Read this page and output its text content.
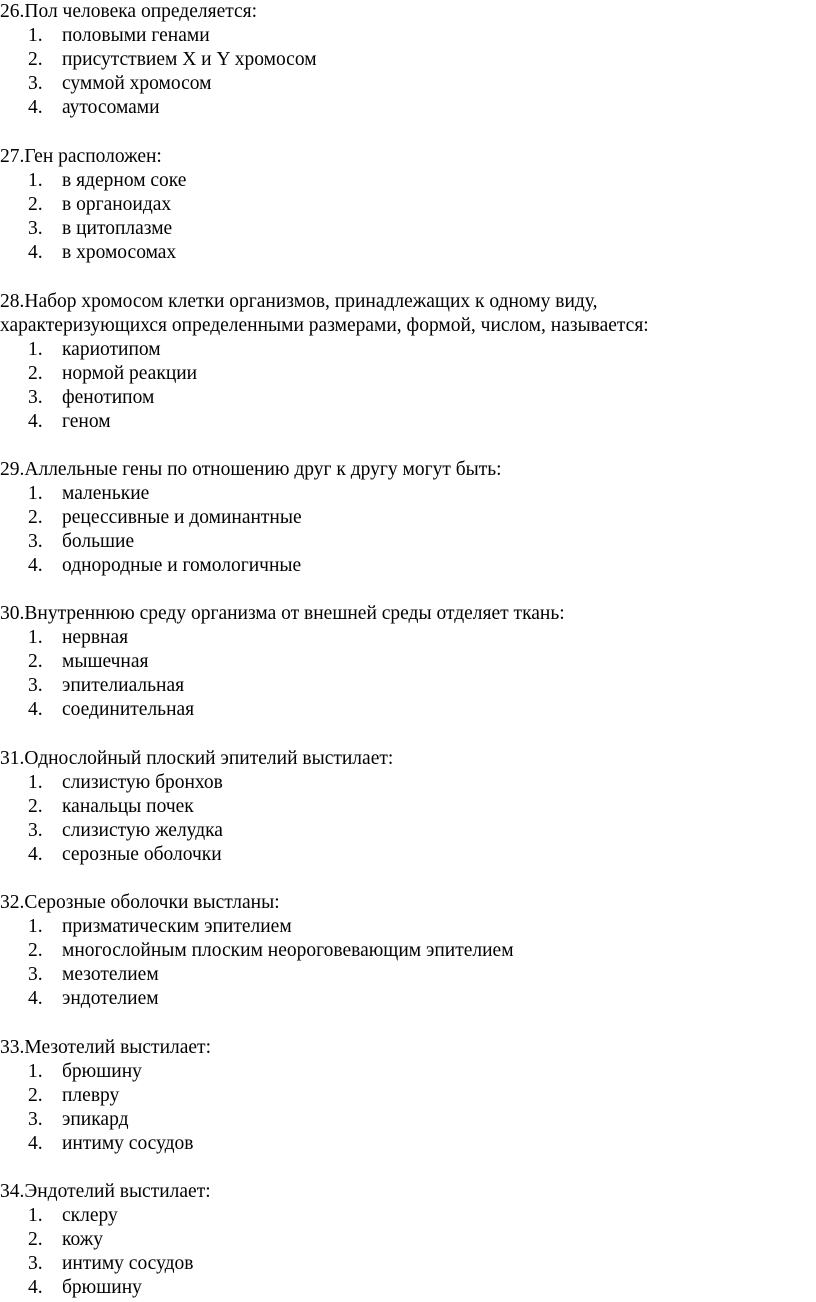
26.Пол человека определяется:
1. половыми генами
2. присутствием X и Y хромосом
3. суммой хромосом
4. аутосомами
27.Ген расположен:
1. в ядерном соке
2. в органоидах
3. в цитоплазме
4. в хромосомах
28.Набор хромосом клетки организмов, принадлежащих к одному виду,
характеризующихся определенными размерами, формой, числом, называется:
1. кариотипом
2. нормой реакции
3. фенотипом
4. геном
29.Аллельные гены по отношению друг к другу могут быть:
1. маленькие
2. рецессивные и доминантные
3. большие
4. однородные и гомологичные
30.Внутреннюю среду организма от внешней среды отделяет ткань:
1. нервная
2. мышечная
3. эпителиальная
4. соединительная
31.Однослойный плоский эпителий выстилает:
1. слизистую бронхов
2. канальцы почек
3. слизистую желудка
4. серозные оболочки
32.Серозные оболочки выстланы:
1. призматическим эпителием
2. многослойным плоским неороговевающим эпителием
3. мезотелием
4. эндотелием
33.Мезотелий выстилает:
1. брюшину
2. плевру
3. эпикард
4. интиму сосудов
34.Эндотелий выстилает:
1. склеру
2. кожу
3. интиму сосудов
4. брюшину
